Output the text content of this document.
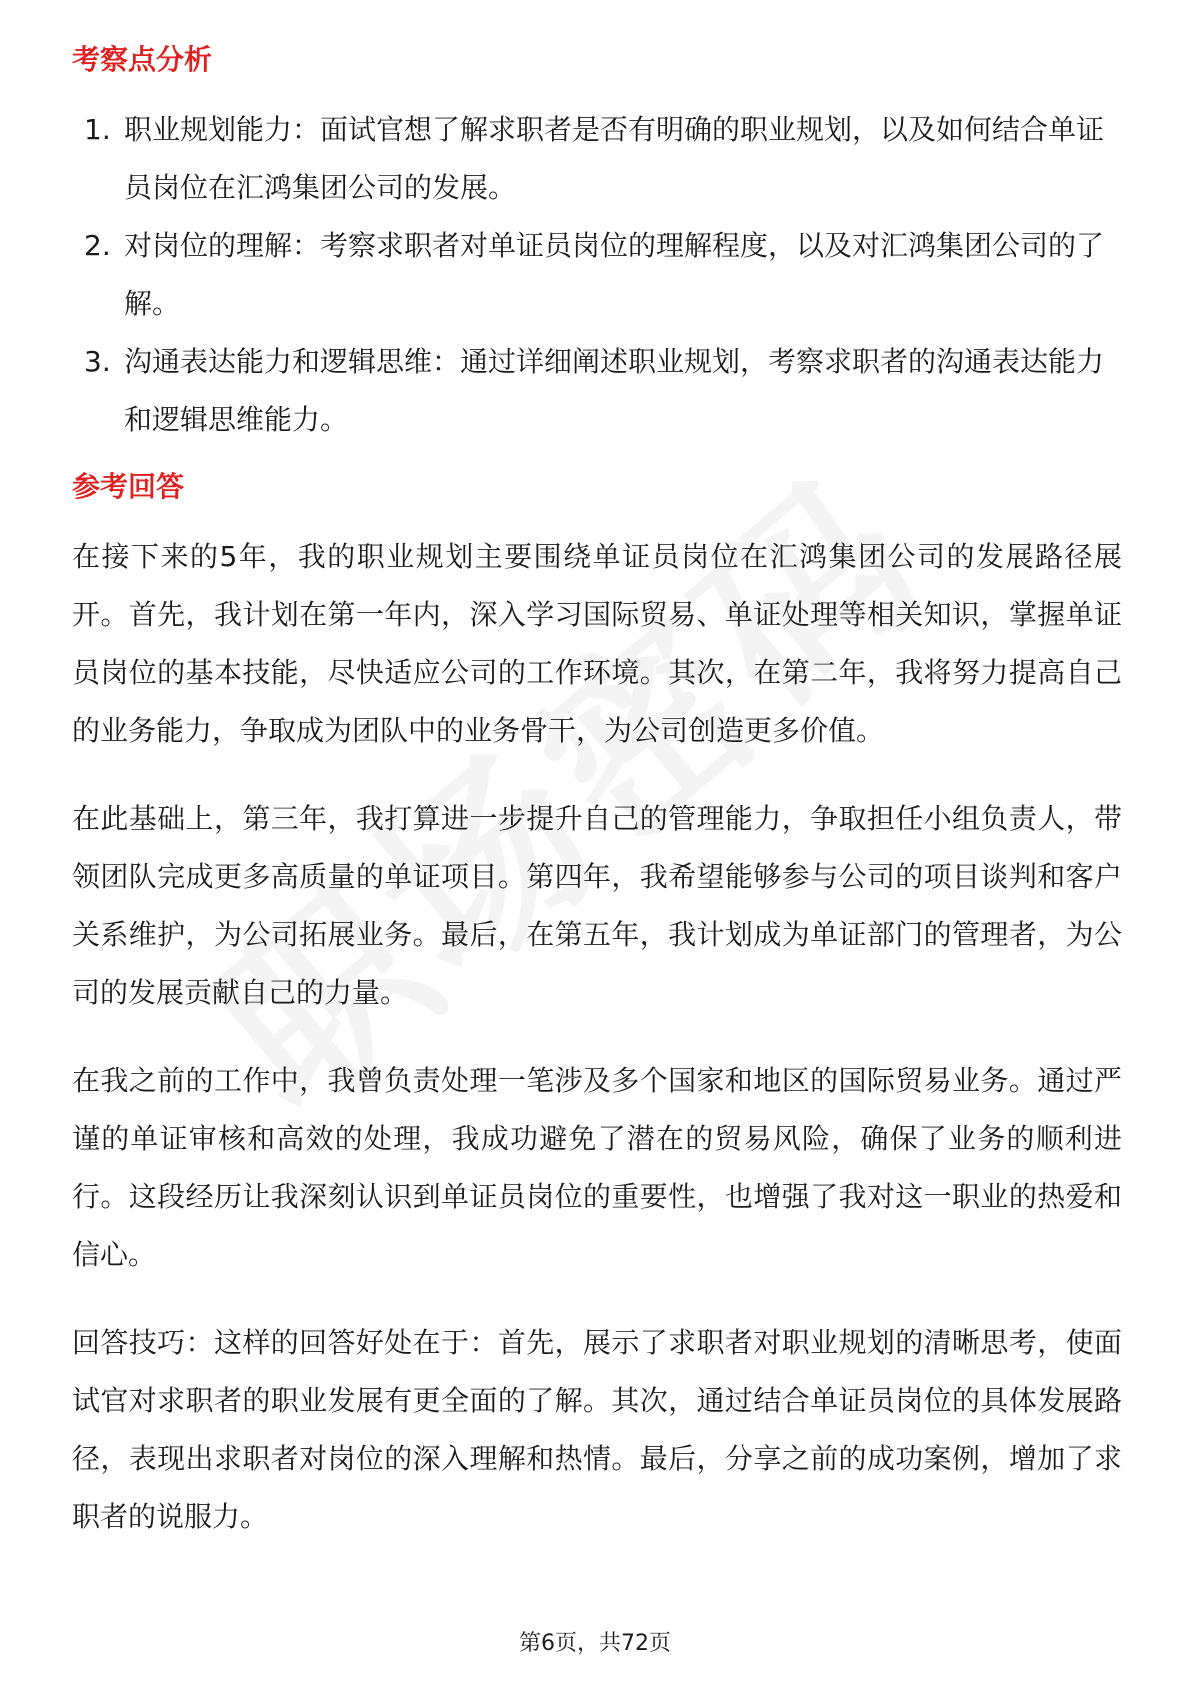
考察点分析
1. 职业规划能力：面试官想了解求职者是否有明确的职业规划，以及如何结合单证员岗位在汇鸿集团公司的发展。
2. 对岗位的理解：考察求职者对单证员岗位的理解程度，以及对汇鸿集团公司的了解。
3. 沟通表达能力和逻辑思维：通过详细阐述职业规划，考察求职者的沟通表达能力和逻辑思维能力。
参考回答

在接下来的5年，我的职业规划主要围绕单证员岗位在汇鸿集团公司的发展路径展开。首先，我计划在第一年内，深入学习国际贸易、单证处理等相关知识，掌握单证员岗位的基本技能，尽快适应公司的工作环境。其次，在第二年，我将努力提高自己的业务能力，争取成为团队中的业务骨干，为公司创造更多价值。

在此基础上，第三年，我打算进一步提升自己的管理能力，争取担任小组负责人，带领团队完成更多高质量的单证项目。第四年，我希望能够参与公司的项目谈判和客户关系维护，为公司拓展业务。最后，在第五年，我计划成为单证部门的管理者，为公司的发展贡献自己的力量。

在我之前的工作中，我曾负责处理一笔涉及多个国家和地区的国际贸易业务。通过严谨的单证审核和高效的处理，我成功避免了潜在的贸易风险，确保了业务的顺利进行。这段经历让我深刻认识到单证员岗位的重要性，也增强了我对这一职业的热爱和信心。

回答技巧：这样的回答好处在于：首先，展示了求职者对职业规划的清晰思考，使面试官对求职者的职业发展有更全面的了解。其次，通过结合单证员岗位的具体发展路径，表现出求职者对岗位的深入理解和热情。最后，分享之前的成功案例，增加了求职者的说服力。

第6页，共72页
